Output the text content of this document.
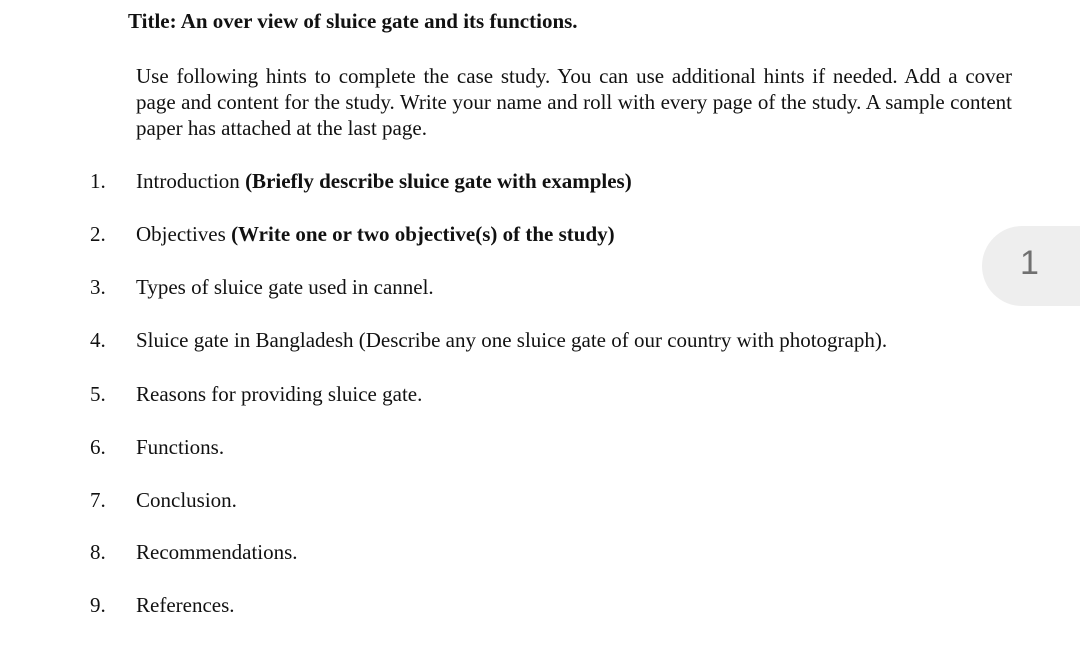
Title: An over view of sluice gate and its functions.
Use following hints to complete the case study. You can use additional hints if needed. Add a cover page and content for the study. Write your name and roll with every page of the study. A sample content paper has attached at the last page.
1. Introduction (Briefly describe sluice gate with examples)
2. Objectives (Write one or two objective(s) of the study)
3. Types of sluice gate used in cannel.
4. Sluice gate in Bangladesh (Describe any one sluice gate of our country with photograph).
5. Reasons for providing sluice gate.
6. Functions.
7. Conclusion.
8. Recommendations.
9. References.
1
